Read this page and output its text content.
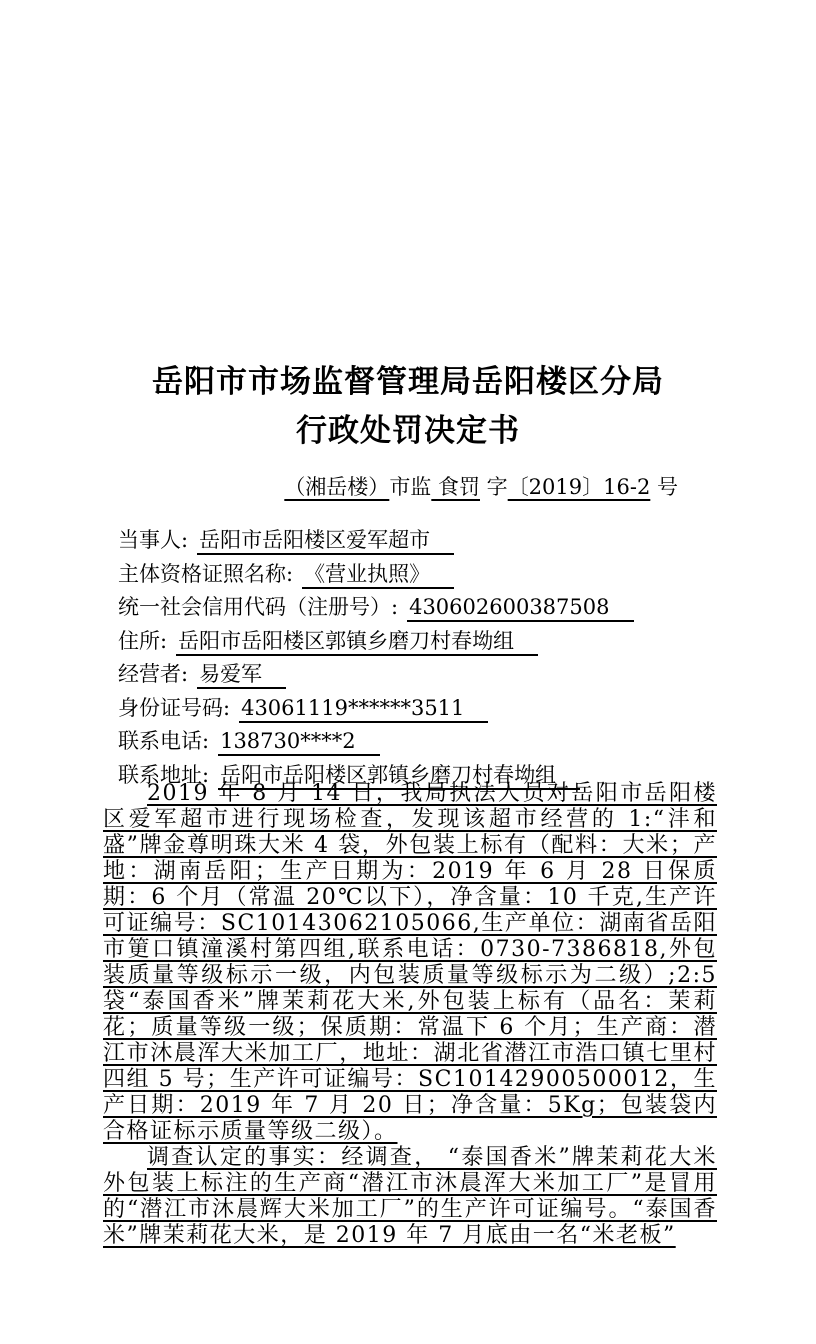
岳阳市市场监督管理局岳阳楼区分局
行政处罚决定书
（湘岳楼）市监 食罚 字〔2019〕16-2 号
当事人: 岳阳市岳阳楼区爱军超市
主体资格证照名称: 《营业执照》
统一社会信用代码（注册号）: 430602600387508
住所: 岳阳市岳阳楼区郭镇乡磨刀村春坳组
经营者: 易爱军
身份证号码: 43061119******3511
联系电话: 138730****2
联系地址: 岳阳市岳阳楼区郭镇乡磨刀村春坳组

2019 年 8 月 14 日，我局执法人员对岳阳市岳阳楼区爱军超市进行现场检查，发现该超市经营的 1:“沣和盛”牌金尊明珠大米 4 袋，外包装上标有（配料：大米；产地：湖南岳阳；生产日期为：2019 年 6 月 28 日保质期：6 个月（常温 20℃以下），净含量：10 千克,生产许可证编号：SC10143062105066,生产单位：湖南省岳阳市筻口镇潼溪村第四组,联系电话：0730-7386818,外包装质量等级标示一级，内包装质量等级标示为二级）;2:5 袋“泰国香米”牌茉莉花大米,外包装上标有（品名：茉莉花；质量等级一级；保质期：常温下 6 个月；生产商：潜江市沐晨浑大米加工厂，地址：湖北省潜江市浩口镇七里村四组 5 号；生产许可证编号：SC10142900500012，生产日期：2019 年 7 月 20 日；净含量：5Kg；包装袋内合格证标示质量等级二级）。

调查认定的事实：经调查， “泰国香米”牌茉莉花大米外包装上标注的生产商“潜江市沐晨浑大米加工厂”是冒用的“潜江市沐晨辉大米加工厂”的生产许可证编号。“泰国香米”牌茉莉花大米，是 2019 年 7 月底由一名“米老板”
